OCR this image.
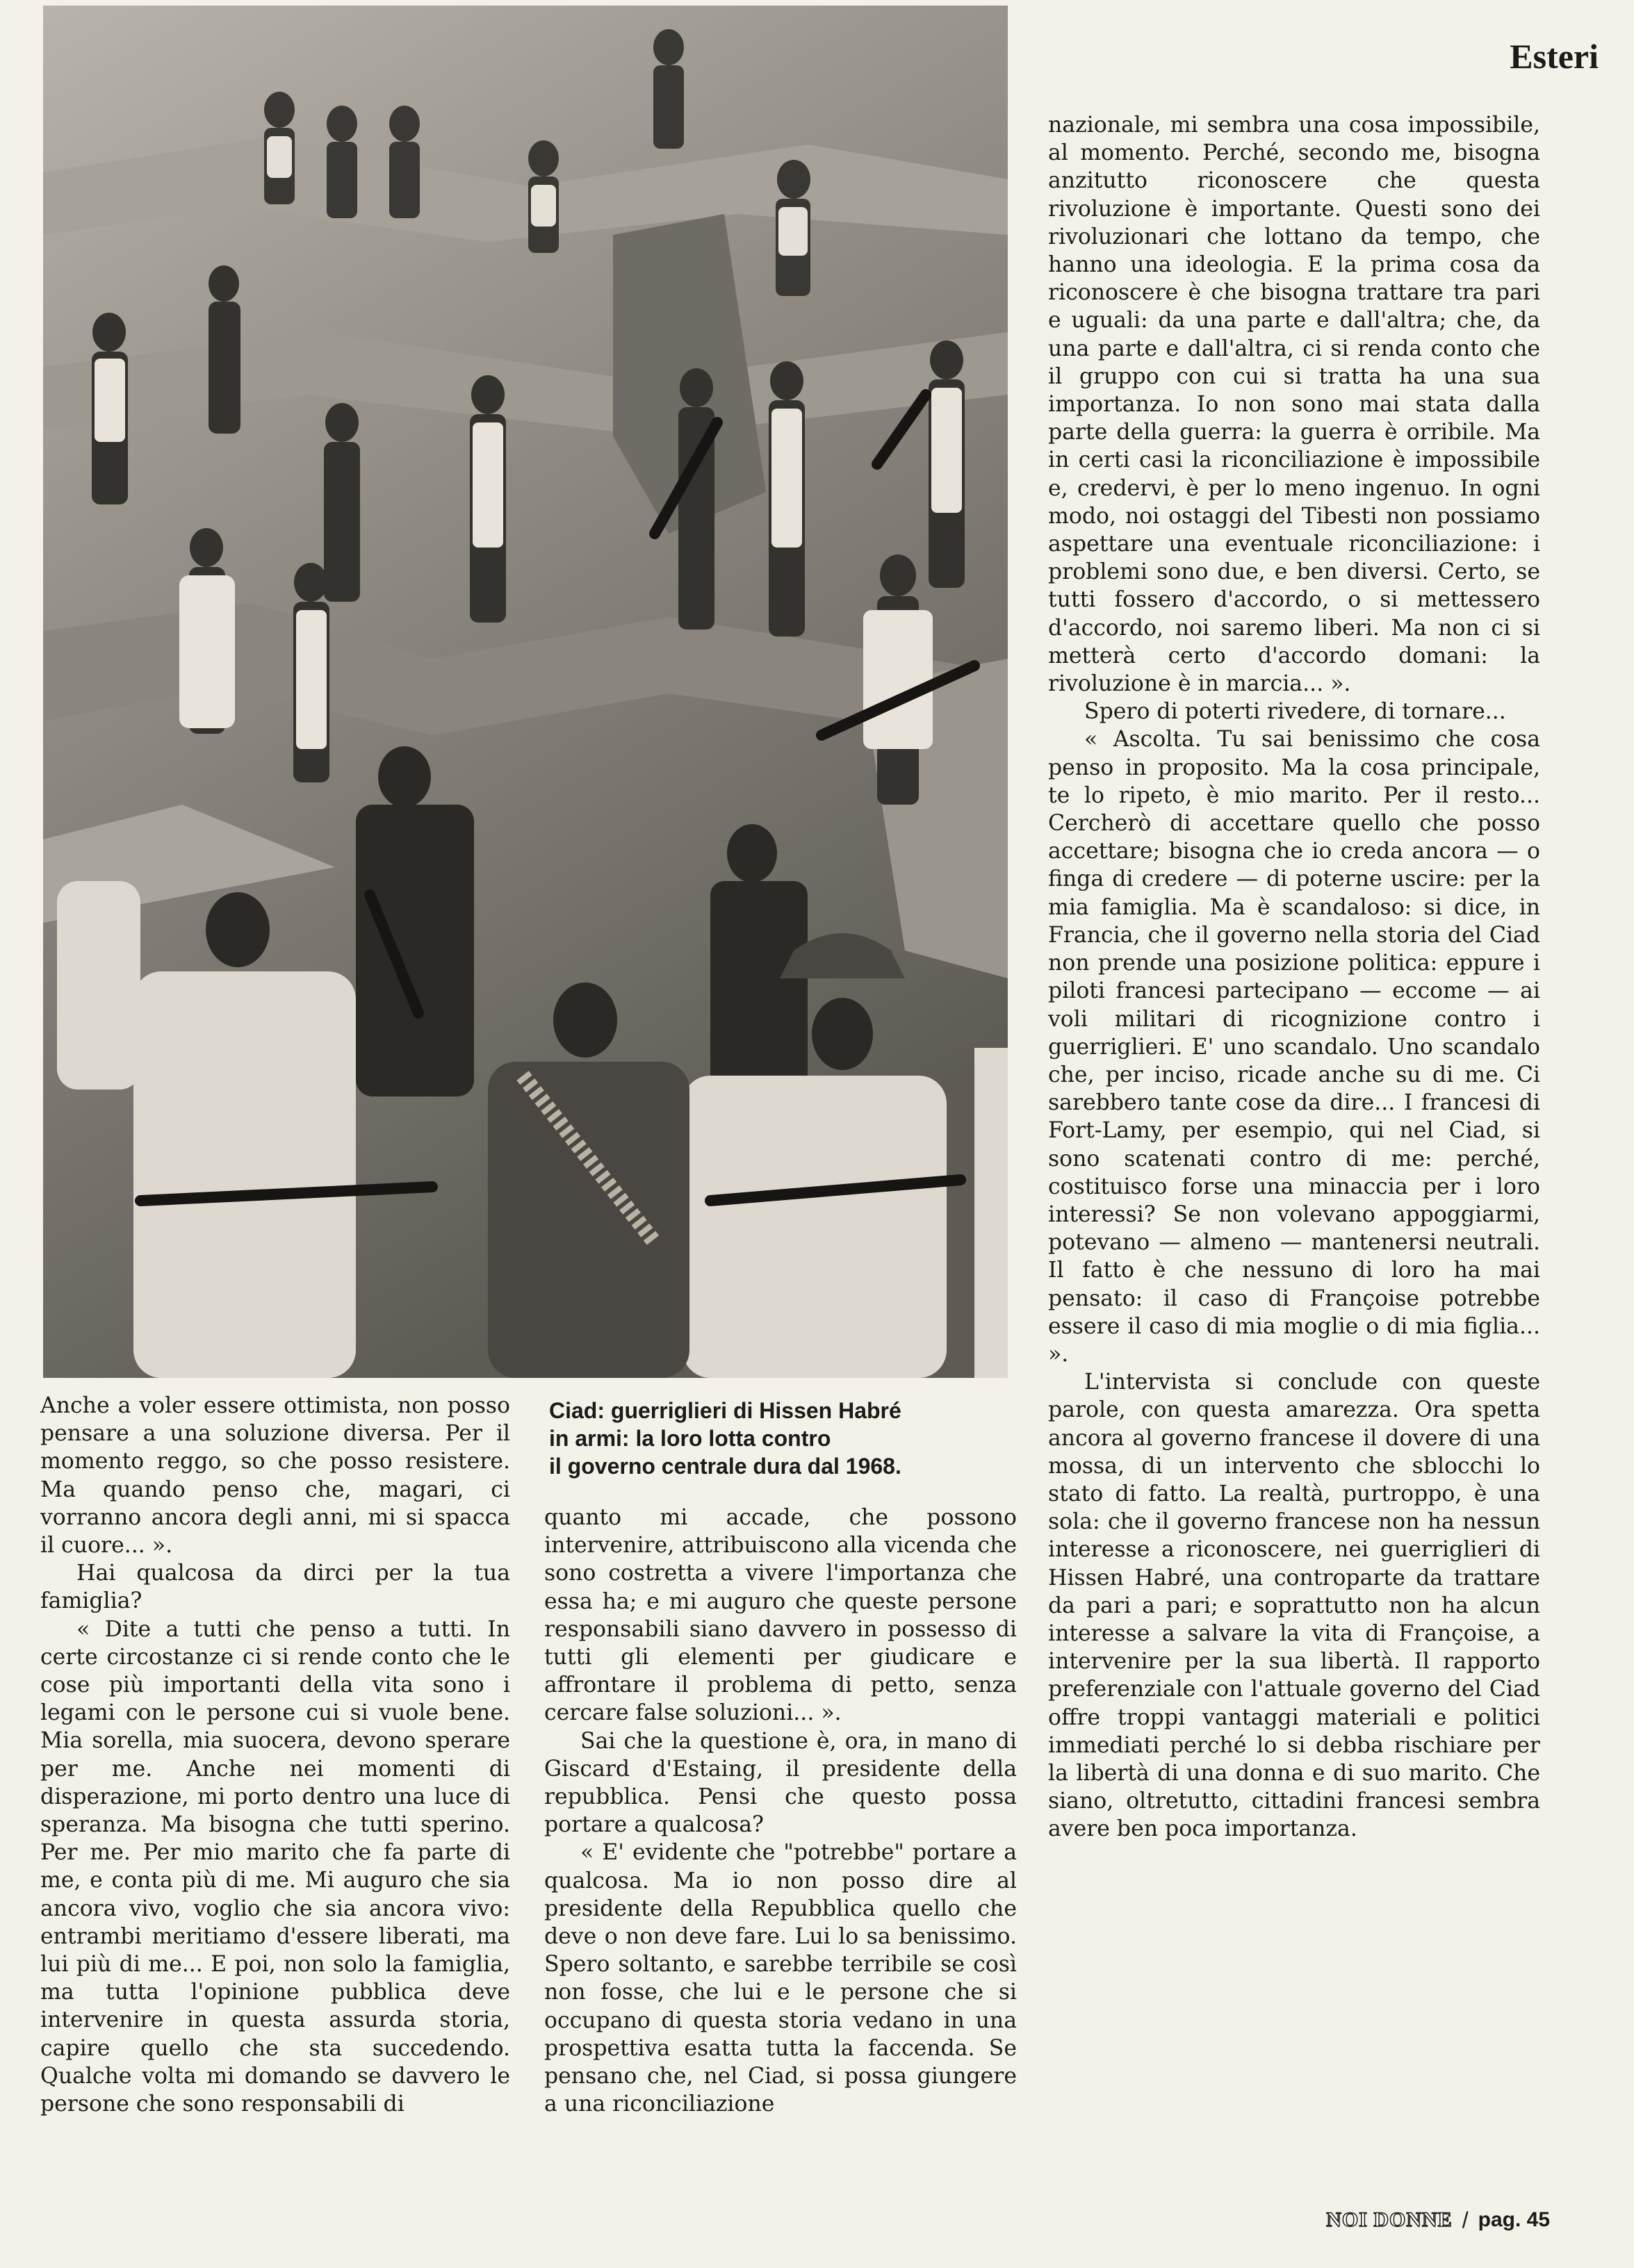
Esteri
Ciad: guerriglieri di Hissen Habré
in armi: la loro lotta contro
il governo centrale dura dal 1968.

Anche a voler essere ottimista, non posso pensare a una soluzione diversa. Per il momento reggo, so che posso resistere. Ma quando penso che, magari, ci vorranno ancora degli anni, mi si spacca il cuore... ».

Hai qualcosa da dirci per la tua famiglia?

« Dite a tutti che penso a tutti. In certe circostanze ci si rende conto che le cose più importanti della vita sono i legami con le persone cui si vuole bene. Mia sorella, mia suocera, devono sperare per me. Anche nei momenti di disperazione, mi porto dentro una luce di speranza. Ma bisogna che tutti sperino. Per me. Per mio marito che fa parte di me, e conta più di me. Mi auguro che sia ancora vivo, voglio che sia ancora vivo: entrambi meritiamo d'essere liberati, ma lui più di me... E poi, non solo la famiglia, ma tutta l'opinione pubblica deve intervenire in questa assurda storia, capire quello che sta succedendo. Qualche volta mi domando se davvero le persone che sono responsabili di

quanto mi accade, che possono intervenire, attribuiscono alla vicenda che sono costretta a vivere l'importanza che essa ha; e mi auguro che queste persone responsabili siano davvero in possesso di tutti gli elementi per giudicare e affrontare il problema di petto, senza cercare false soluzioni... ».

Sai che la questione è, ora, in mano di Giscard d'Estaing, il presidente della repubblica. Pensi che questo possa portare a qualcosa?

« E' evidente che "potrebbe" portare a qualcosa. Ma io non posso dire al presidente della Repubblica quello che deve o non deve fare. Lui lo sa benissimo. Spero soltanto, e sarebbe terribile se così non fosse, che lui e le persone che si occupano di questa storia vedano in una prospettiva esatta tutta la faccenda. Se pensano che, nel Ciad, si possa giungere a una riconciliazione

nazionale, mi sembra una cosa impossibile, al momento. Perché, secondo me, bisogna anzitutto riconoscere che questa rivoluzione è importante. Questi sono dei rivoluzionari che lottano da tempo, che hanno una ideologia. E la prima cosa da riconoscere è che bisogna trattare tra pari e uguali: da una parte e dall'altra; che, da una parte e dall'altra, ci si renda conto che il gruppo con cui si tratta ha una sua importanza. Io non sono mai stata dalla parte della guerra: la guerra è orribile. Ma in certi casi la riconciliazione è impossibile e, credervi, è per lo meno ingenuo. In ogni modo, noi ostaggi del Tibesti non possiamo aspettare una eventuale riconciliazione: i problemi sono due, e ben diversi. Certo, se tutti fossero d'accordo, o si mettessero d'accordo, noi saremo liberi. Ma non ci si metterà certo d'accordo domani: la rivoluzione è in marcia... ».

Spero di poterti rivedere, di tornare...

« Ascolta. Tu sai benissimo che cosa penso in proposito. Ma la cosa principale, te lo ripeto, è mio marito. Per il resto... Cercherò di accettare quello che posso accettare; bisogna che io creda ancora — o finga di credere — di poterne uscire: per la mia famiglia. Ma è scandaloso: si dice, in Francia, che il governo nella storia del Ciad non prende una posizione politica: eppure i piloti francesi partecipano — eccome — ai voli militari di ricognizione contro i guerriglieri. E' uno scandalo. Uno scandalo che, per inciso, ricade anche su di me. Ci sarebbero tante cose da dire... I francesi di Fort-Lamy, per esempio, qui nel Ciad, si sono scatenati contro di me: perché, costituisco forse una minaccia per i loro interessi? Se non volevano appoggiarmi, potevano — almeno — mantenersi neutrali. Il fatto è che nessuno di loro ha mai pensato: il caso di Françoise potrebbe essere il caso di mia moglie o di mia figlia... ».

L'intervista si conclude con queste parole, con questa amarezza. Ora spetta ancora al governo francese il dovere di una mossa, di un intervento che sblocchi lo stato di fatto. La realtà, purtroppo, è una sola: che il governo francese non ha nessun interesse a riconoscere, nei guerriglieri di Hissen Habré, una controparte da trattare da pari a pari; e soprattutto non ha alcun interesse a salvare la vita di Françoise, a intervenire per la sua libertà. Il rapporto preferenziale con l'attuale governo del Ciad offre troppi vantaggi materiali e politici immediati perché lo si debba rischiare per la libertà di una donna e di suo marito. Che siano, oltretutto, cittadini francesi sembra avere ben poca importanza.

NOI DONNE / pag. 45
